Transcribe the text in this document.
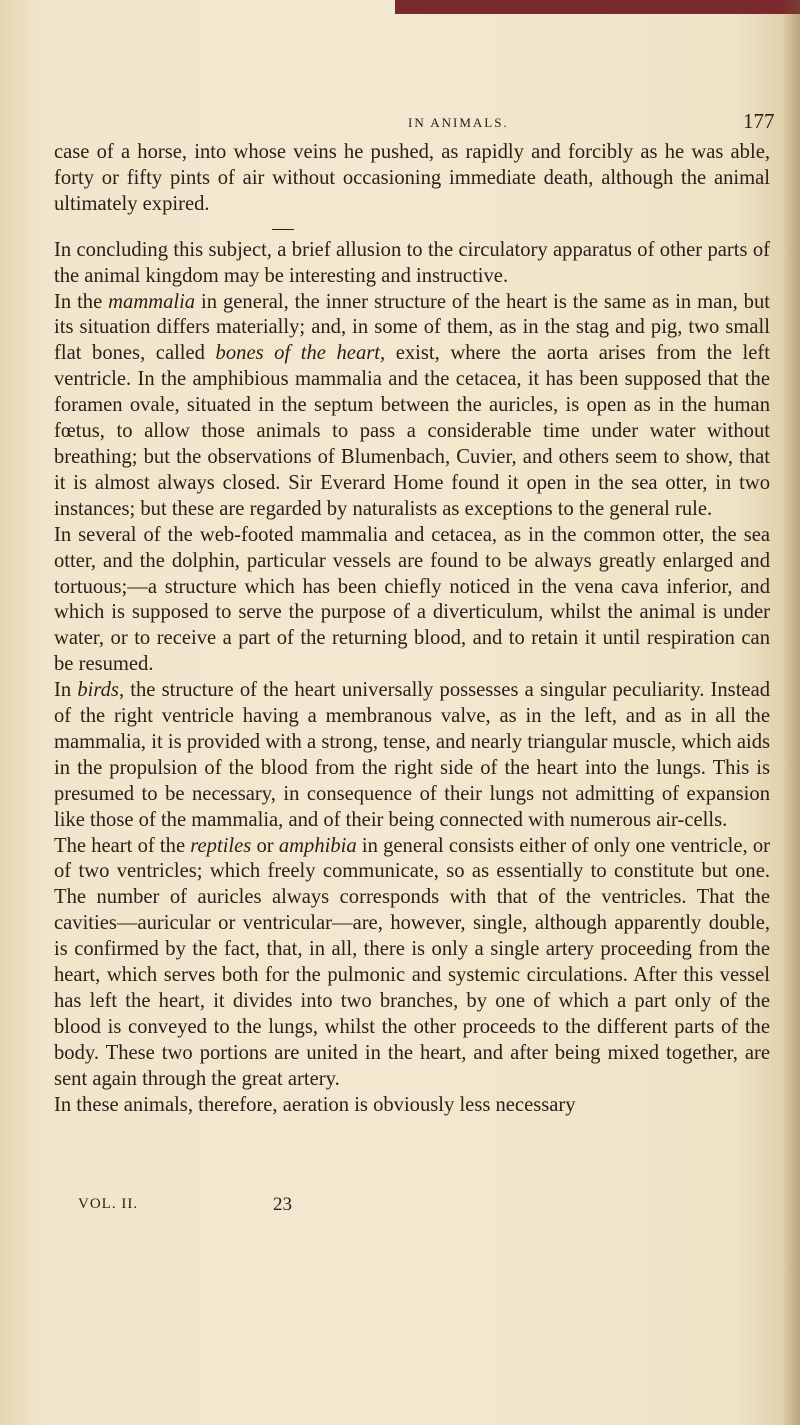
IN ANIMALS.	177

case of a horse, into whose veins he pushed, as rapidly and forcibly as he was able, forty or fifty pints of air without occasioning immediate death, although the animal ultimately expired.

In concluding this subject, a brief allusion to the circulatory apparatus of other parts of the animal kingdom may be interesting and instructive.

In the mammalia in general, the inner structure of the heart is the same as in man, but its situation differs materially; and, in some of them, as in the stag and pig, two small flat bones, called bones of the heart, exist, where the aorta arises from the left ventricle. In the amphibious mammalia and the cetacea, it has been supposed that the foramen ovale, situated in the septum between the auricles, is open as in the human fœtus, to allow those animals to pass a considerable time under water without breathing; but the observations of Blumenbach, Cuvier, and others seem to show, that it is almost always closed. Sir Everard Home found it open in the sea otter, in two instances; but these are regarded by naturalists as exceptions to the general rule.

In several of the web-footed mammalia and cetacea, as in the common otter, the sea otter, and the dolphin, particular vessels are found to be always greatly enlarged and tortuous;—a structure which has been chiefly noticed in the vena cava inferior, and which is supposed to serve the purpose of a diverticulum, whilst the animal is under water, or to receive a part of the returning blood, and to retain it until respiration can be resumed.

In birds, the structure of the heart universally possesses a singular peculiarity. Instead of the right ventricle having a membranous valve, as in the left, and as in all the mammalia, it is provided with a strong, tense, and nearly triangular muscle, which aids in the propulsion of the blood from the right side of the heart into the lungs. This is presumed to be necessary, in consequence of their lungs not admitting of expansion like those of the mammalia, and of their being connected with numerous air-cells.

The heart of the reptiles or amphibia in general consists either of only one ventricle, or of two ventricles; which freely communicate, so as essentially to constitute but one. The number of auricles always corresponds with that of the ventricles. That the cavities—auricular or ventricular—are, however, single, although apparently double, is confirmed by the fact, that, in all, there is only a single artery proceeding from the heart, which serves both for the pulmonic and systemic circulations. After this vessel has left the heart, it divides into two branches, by one of which a part only of the blood is conveyed to the lungs, whilst the other proceeds to the different parts of the body. These two portions are united in the heart, and after being mixed together, are sent again through the great artery.

In these animals, therefore, aeration is obviously less necessary

VOL. II.	23
